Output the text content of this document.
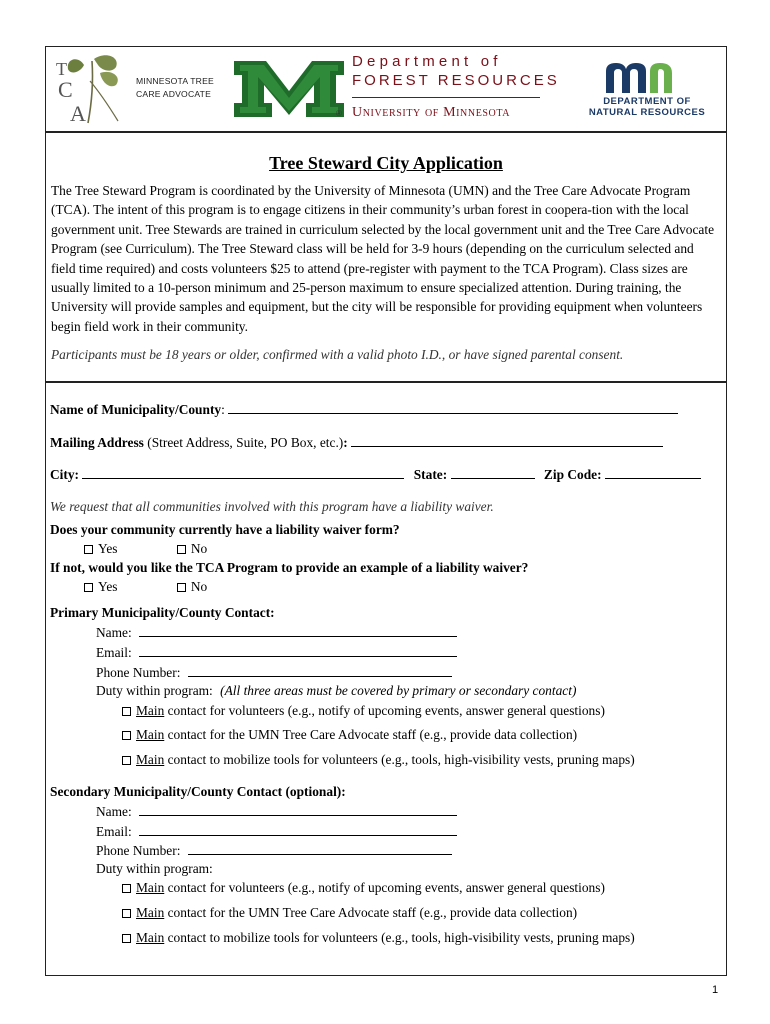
C
A
T
MINNESOTA TREE
CARE ADVOCATE
®
Department of
FOREST RESOURCES
University of Minnesota
DEPARTMENT OF
NATURAL RESOURCES
Tree Steward City Application
The Tree Steward Program is coordinated by the University of Minnesota (UMN) and the Tree Care Advocate Program (TCA). The intent of this program is to engage citizens in their community’s urban forest in coopera-tion with the local government unit. Tree Stewards are trained in curriculum selected by the local government unit and the Tree Care Advocate Program (see Curriculum). The Tree Steward class will be held for 3-9 hours (depending on the curriculum selected and field time required) and costs volunteers $25 to attend (pre-register with payment to the TCA Program). Class sizes are usually limited to a 10-person minimum and 25-person maximum to ensure specialized attention. During training, the University will provide samples and equipment, but the city will be responsible for providing equipment when volunteers begin field work in their community.
Participants must be 18 years or older, confirmed with a valid photo I.D., or have signed parental consent.
Name of Municipality/County:
Mailing Address (Street Address, Suite, PO Box, etc.):
City:	State:	Zip Code:
We request that all communities involved with this program have a liability waiver.
Does your community currently have a liability waiver form?
Yes	No
If not, would you like the TCA Program to provide an example of a liability waiver?
Yes	No
Primary Municipality/County Contact:
Name:
Email:
Phone Number:
Duty within program: (All three areas must be covered by primary or secondary contact)
Main contact for volunteers (e.g., notify of upcoming events, answer general questions)
Main contact for the UMN Tree Care Advocate staff (e.g., provide data collection)
Main contact to mobilize tools for volunteers (e.g., tools, high-visibility vests, pruning maps)
Secondary Municipality/County Contact (optional):
Name:
Email:
Phone Number:
Duty within program:
Main contact for volunteers (e.g., notify of upcoming events, answer general questions)
Main contact for the UMN Tree Care Advocate staff (e.g., provide data collection)
Main contact to mobilize tools for volunteers (e.g., tools, high-visibility vests, pruning maps)
1
